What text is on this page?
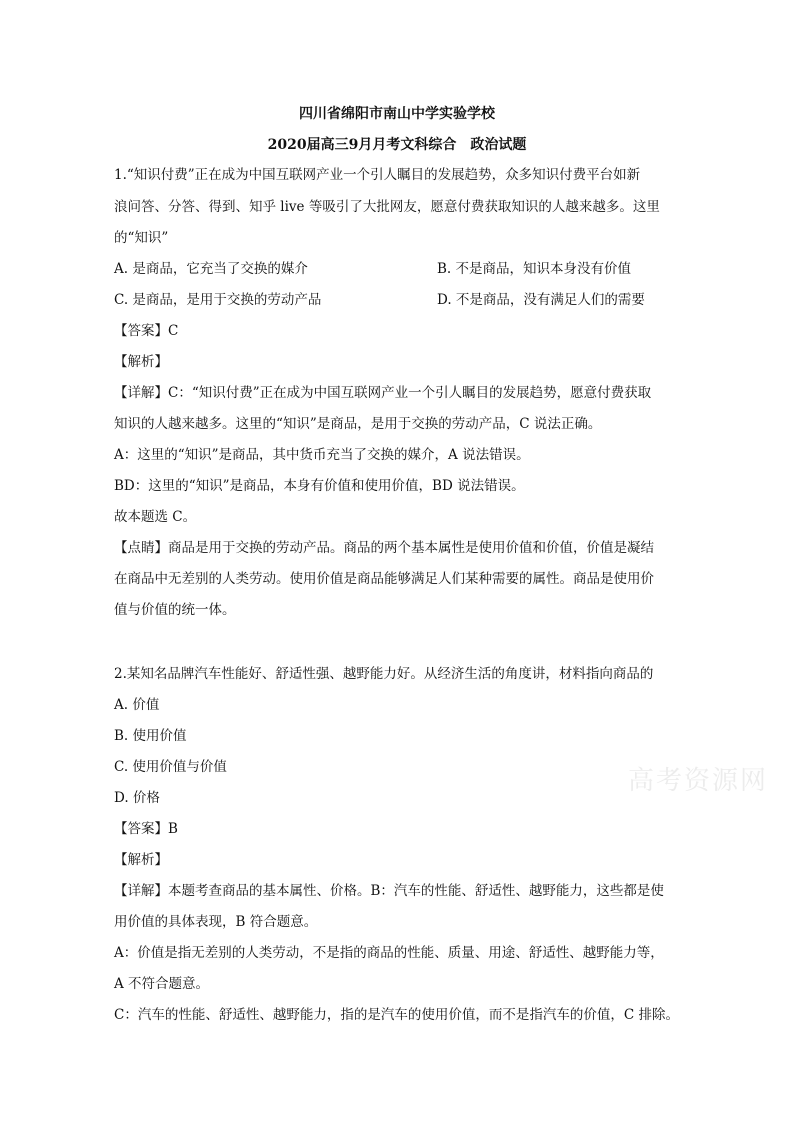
四川省绵阳市南山中学实验学校
2020届高三9月月考文科综合　政治试题
1.“知识付费”正在成为中国互联网产业一个引人瞩目的发展趋势，众多知识付费平台如新
浪问答、分答、得到、知乎 live 等吸引了大批网友，愿意付费获取知识的人越来越多。这里
的“知识”
A. 是商品，它充当了交换的媒介	B. 不是商品，知识本身没有价值
C. 是商品，是用于交换的劳动产品	D. 不是商品，没有满足人们的需要
【答案】C
【解析】
【详解】C：“知识付费”正在成为中国互联网产业一个引人瞩目的发展趋势，愿意付费获取
知识的人越来越多。这里的“知识”是商品，是用于交换的劳动产品，C 说法正确。
A：这里的“知识”是商品，其中货币充当了交换的媒介，A 说法错误。
BD：这里的“知识”是商品，本身有价值和使用价值，BD 说法错误。
故本题选 C。
【点睛】商品是用于交换的劳动产品。商品的两个基本属性是使用价值和价值，价值是凝结
在商品中无差别的人类劳动。使用价值是商品能够满足人们某种需要的属性。商品是使用价
值与价值的统一体。
2.某知名品牌汽车性能好、舒适性强、越野能力好。从经济生活的角度讲，材料指向商品的
A. 价值
B. 使用价值
C. 使用价值与价值
D. 价格
【答案】B
【解析】
【详解】本题考查商品的基本属性、价格。B：汽车的性能、舒适性、越野能力，这些都是使
用价值的具体表现，B 符合题意。
A：价值是指无差别的人类劳动，不是指的商品的性能、质量、用途、舒适性、越野能力等，
A 不符合题意。
C：汽车的性能、舒适性、越野能力，指的是汽车的使用价值，而不是指汽车的价值，C 排除。
高考资源网
